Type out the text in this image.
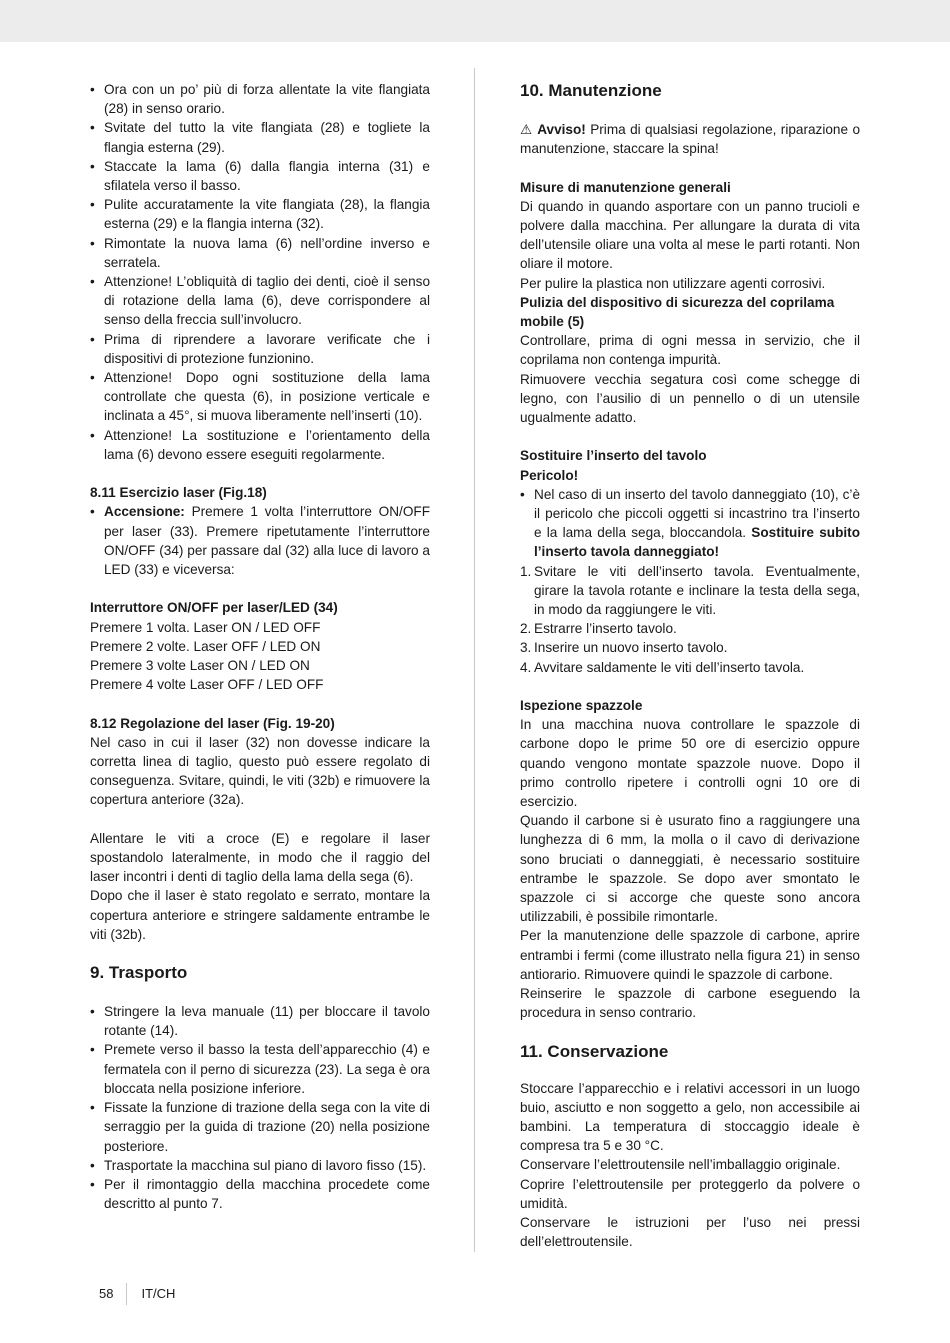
• Ora con un po’ più di forza allentate la vite flangiata (28) in senso orario.
• Svitate del tutto la vite flangiata (28) e togliete la flangia esterna (29).
• Staccate la lama (6) dalla flangia interna (31) e sfilatela verso il basso.
• Pulite accuratamente la vite flangiata (28), la flangia esterna (29) e la flangia interna (32).
• Rimontate la nuova lama (6) nell’ordine inverso e serratela.
• Attenzione! L’obliquità di taglio dei denti, cioè il senso di rotazione della lama (6), deve corrispondere al senso della freccia sull’involucro.
• Prima di riprendere a lavorare verificate che i dispositivi di protezione funzionino.
• Attenzione! Dopo ogni sostituzione della lama controllate che questa (6), in posizione verticale e inclinata a 45°, si muova liberamente nell’inserti (10).
• Attenzione! La sostituzione e l’orientamento della lama (6) devono essere eseguiti regolarmente.

8.11 Esercizio laser (Fig.18)

• Accensione: Premere 1 volta l’interruttore ON/OFF per laser (33). Premere ripetutamente l’interruttore ON/OFF (34) per passare dal (32) alla luce di lavoro a LED (33) e viceversa:

Interruttore ON/OFF per laser/LED (34)

Premere 1 volta. Laser ON / LED OFF

Premere 2 volte. Laser OFF / LED ON

Premere 3 volte Laser ON / LED ON

Premere 4 volte Laser OFF / LED OFF

8.12 Regolazione del laser (Fig. 19-20)

Nel caso in cui il laser (32) non dovesse indicare la corretta linea di taglio, questo può essere regolato di conseguenza. Svitare, quindi, le viti (32b) e rimuovere la copertura anteriore (32a).

Allentare le viti a croce (E) e regolare il laser spostandolo lateralmente, in modo che il raggio del laser incontri i denti di taglio della lama della sega (6).

Dopo che il laser è stato regolato e serrato, montare la copertura anteriore e stringere saldamente entrambe le viti (32b).

9. Trasporto
• Stringere la leva manuale (11) per bloccare il tavolo rotante (14).
• Premete verso il basso la testa dell’apparecchio (4) e fermatela con il perno di sicurezza (23). La sega è ora bloccata nella posizione inferiore.
• Fissate la funzione di trazione della sega con la vite di serraggio per la guida di trazione (20) nella posizione posteriore.
• Trasportate la macchina sul piano di lavoro fisso (15).
• Per il rimontaggio della macchina procedete come descritto al punto 7.
10. Manutenzione

⚠ Avviso! Prima di qualsiasi regolazione, riparazione o manutenzione, staccare la spina!

Misure di manutenzione generali

Di quando in quando asportare con un panno trucioli e polvere dalla macchina. Per allungare la durata di vita dell’utensile oliare una volta al mese le parti rotanti. Non oliare il motore.

Per pulire la plastica non utilizzare agenti corrosivi.

Pulizia del dispositivo di sicurezza del coprilama mobile (5)

Controllare, prima di ogni messa in servizio, che il coprilama non contenga impurità.

Rimuovere vecchia segatura così come schegge di legno, con l’ausilio di un pennello o di un utensile ugualmente adatto.

Sostituire l’inserto del tavolo

Pericolo!

• Nel caso di un inserto del tavolo danneggiato (10), c’è il pericolo che piccoli oggetti si incastrino tra l’inserto e la lama della sega, bloccandola. Sostituire subito l’inserto tavola danneggiato!
1. Svitare le viti dell’inserto tavola. Eventualmente, girare la tavola rotante e inclinare la testa della sega, in modo da raggiungere le viti.
2. Estrarre l’inserto tavolo.
3. Inserire un nuovo inserto tavolo.
4. Avvitare saldamente le viti dell’inserto tavola.

Ispezione spazzole

In una macchina nuova controllare le spazzole di carbone dopo le prime 50 ore di esercizio oppure quando vengono montate spazzole nuove. Dopo il primo controllo ripetere i controlli ogni 10 ore di esercizio.

Quando il carbone si è usurato fino a raggiungere una lunghezza di 6 mm, la molla o il cavo di derivazione sono bruciati o danneggiati, è necessario sostituire entrambe le spazzole. Se dopo aver smontato le spazzole ci si accorge che queste sono ancora utilizzabili, è possibile rimontarle.

Per la manutenzione delle spazzole di carbone, aprire entrambi i fermi (come illustrato nella figura 21) in senso antiorario. Rimuovere quindi le spazzole di carbone.

Reinserire le spazzole di carbone eseguendo la procedura in senso contrario.

11. Conservazione

Stoccare l’apparecchio e i relativi accessori in un luogo buio, asciutto e non soggetto a gelo, non accessibile ai bambini. La temperatura di stoccaggio ideale è compresa tra 5 e 30 °C.

Conservare l’elettroutensile nell’imballaggio originale.

Coprire l’elettroutensile per proteggerlo da polvere o umidità.

Conservare le istruzioni per l’uso nei pressi dell’elettroutensile.

58 IT/CH
